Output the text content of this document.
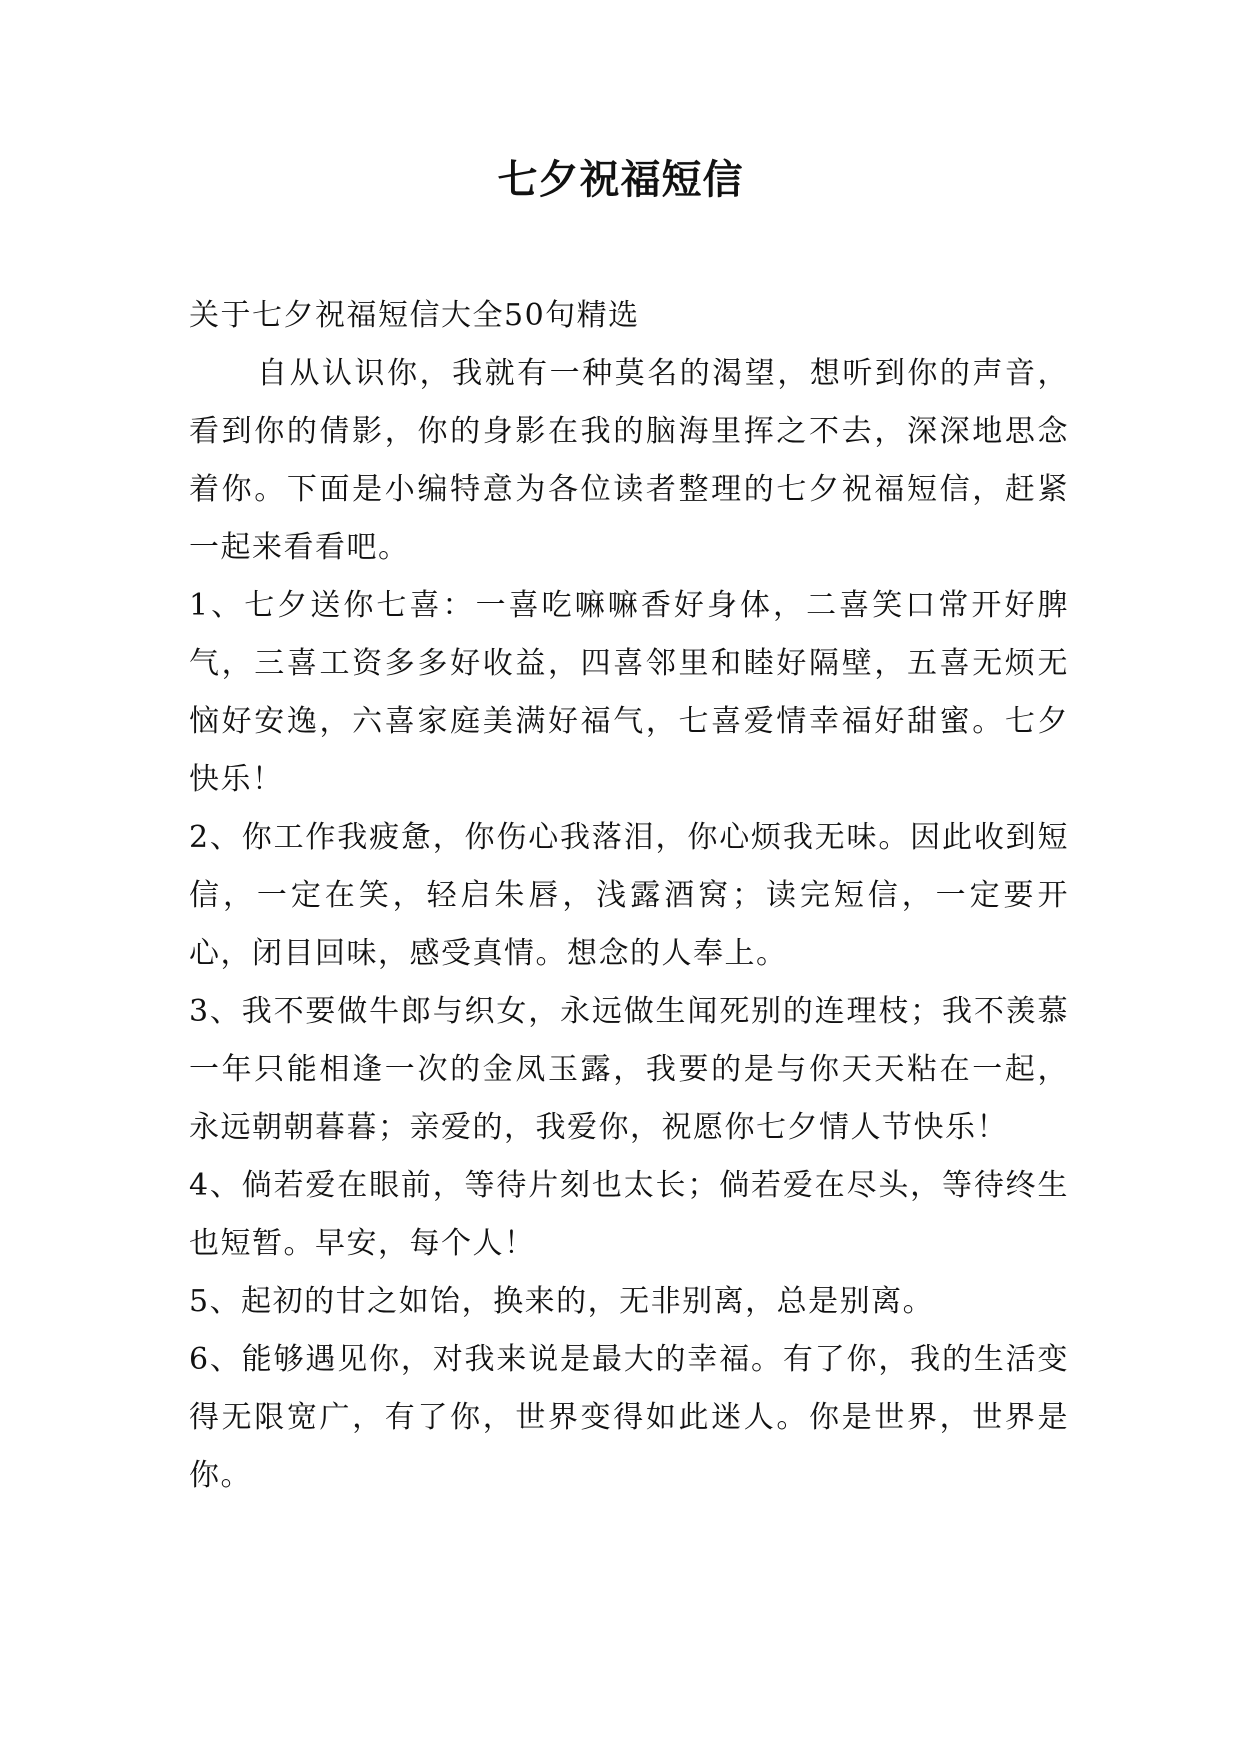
七夕祝福短信

关于七夕祝福短信大全50句精选

自从认识你，我就有一种莫名的渴望，想听到你的声音，看到你的倩影，你的身影在我的脑海里挥之不去，深深地思念着你。下面是小编特意为各位读者整理的七夕祝福短信，赶紧一起来看看吧。

1、七夕送你七喜：一喜吃嘛嘛香好身体，二喜笑口常开好脾气，三喜工资多多好收益，四喜邻里和睦好隔壁，五喜无烦无恼好安逸，六喜家庭美满好福气，七喜爱情幸福好甜蜜。七夕快乐！

2、你工作我疲惫，你伤心我落泪，你心烦我无味。因此收到短信，一定在笑，轻启朱唇，浅露酒窝；读完短信，一定要开心，闭目回味，感受真情。想念的人奉上。

3、我不要做牛郎与织女，永远做生闻死别的连理枝；我不羡慕一年只能相逢一次的金凤玉露，我要的是与你天天粘在一起，永远朝朝暮暮；亲爱的，我爱你，祝愿你七夕情人节快乐！

4、倘若爱在眼前，等待片刻也太长；倘若爱在尽头，等待终生也短暂。早安，每个人！

5、起初的甘之如饴，换来的，无非别离，总是别离。

6、能够遇见你，对我来说是最大的幸福。有了你，我的生活变得无限宽广，有了你，世界变得如此迷人。你是世界，世界是你。
